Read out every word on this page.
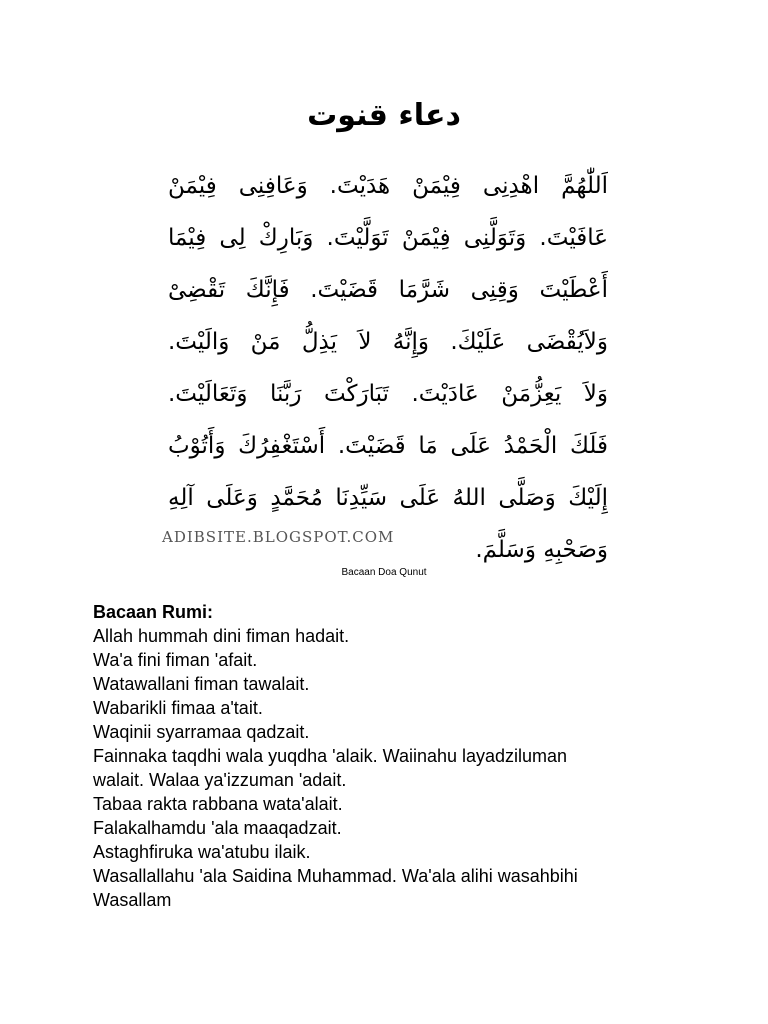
دعاء قنوت
اَللّٰهُمَّ اهْدِنِى فِيْمَنْ هَدَيْتَ. وَعَافِنِى فِيْمَنْ
عَافَيْتَ. وَتَوَلَّنِى فِيْمَنْ تَوَلَّيْتَ. وَبَارِكْ لِى فِيْمَا
أَعْطَيْتَ وَقِنِى شَرَّمَا قَضَيْتَ. فَإِنَّكَ تَقْضِىْ
وَلاَيُقْضَى عَلَيْكَ. وَإِنَّهُ لاَ يَذِلُّ مَنْ وَالَيْتَ.
وَلاَ يَعِزُّمَنْ عَادَيْتَ. تَبَارَكْتَ رَبَّنَا وَتَعَالَيْتَ.
فَلَكَ الْحَمْدُ عَلَى مَا قَضَيْتَ. أَسْتَغْفِرُكَ وَأَتُوْبُ
إِلَيْكَ وَصَلَّى اللهُ عَلَى سَيِّدِنَا مُحَمَّدٍ وَعَلَى آلِهِ
وَصَحْبِهِ وَسَلَّمَ.
ADIBSITE.BLOGSPOT.COM
Bacaan Doa Qunut

Bacaan Rumi:

Allah hummah dini fiman hadait.

Wa'a fini fiman 'afait.

Watawallani fiman tawalait.

Wabarikli fimaa a'tait.

Waqinii syarramaa qadzait.

Fainnaka taqdhi wala yuqdha 'alaik. Waiinahu layadziluman

walait. Walaa ya'izzuman 'adait.

Tabaa rakta rabbana wata'alait.

Falakalhamdu 'ala maaqadzait.

Astaghfiruka wa'atubu ilaik.

Wasallallahu 'ala Saidina Muhammad. Wa'ala alihi wasahbihi

Wasallam
